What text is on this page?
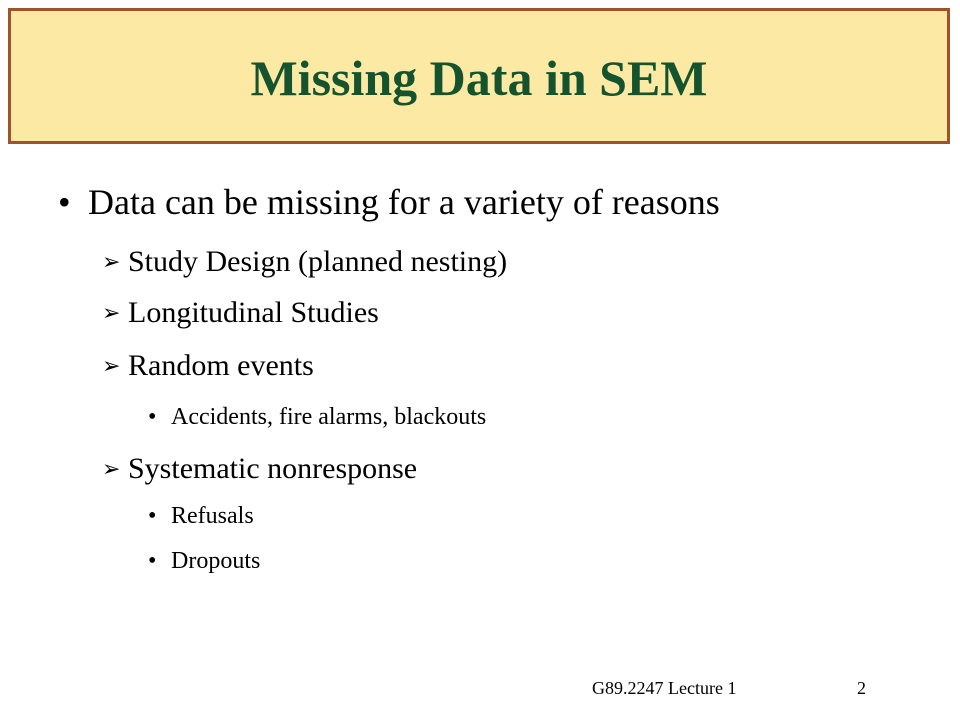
Missing Data in SEM
• Data can be missing for a variety of reasons
➢ Study Design (planned nesting)
➢ Longitudinal Studies
➢ Random events
• Accidents, fire alarms, blackouts
➢ Systematic nonresponse
• Refusals
• Dropouts
G89.2247 Lecture 1	2
